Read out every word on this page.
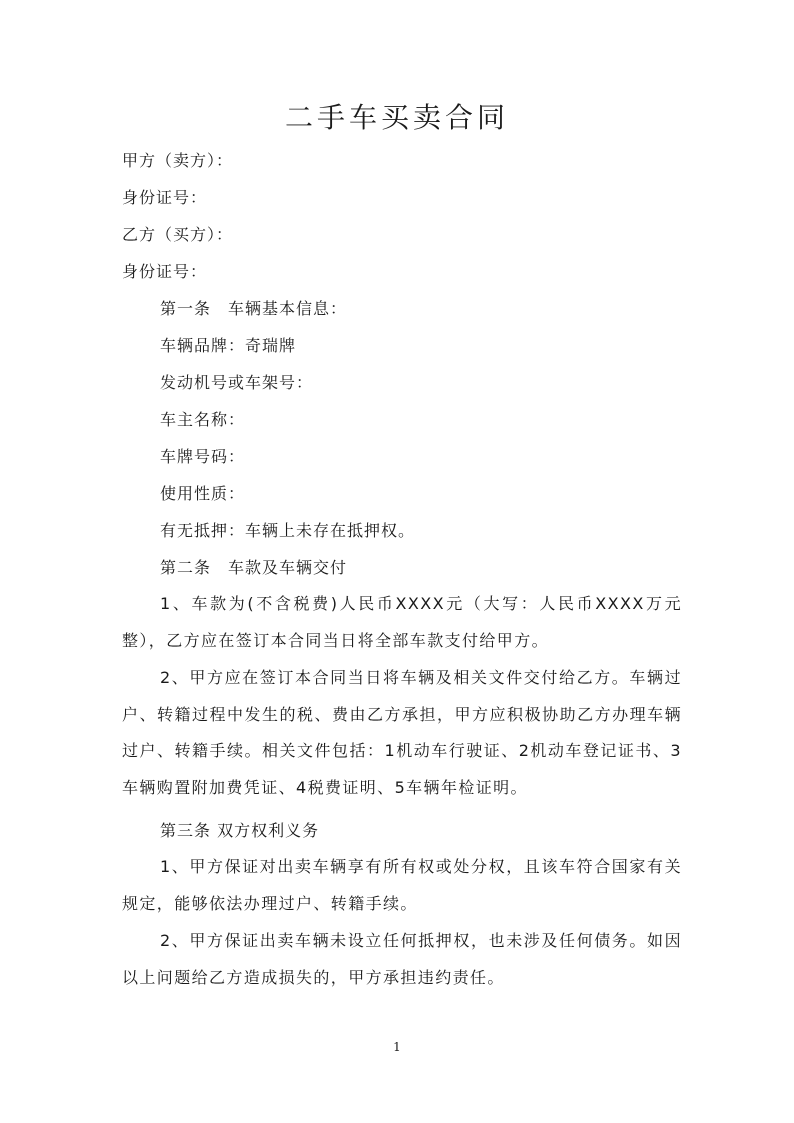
二手车买卖合同
甲方（卖方）：
身份证号：
乙方（买方）：
身份证号：
第一条　车辆基本信息：
车辆品牌：奇瑞牌
发动机号或车架号：
车主名称：
车牌号码：
使用性质：
有无抵押：车辆上未存在抵押权。
第二条　车款及车辆交付
1、车款为(不含税费)人民币XXXX元（大写：人民币XXXX万元整），乙方应在签订本合同当日将全部车款支付给甲方。
2、甲方应在签订本合同当日将车辆及相关文件交付给乙方。车辆过户、转籍过程中发生的税、费由乙方承担，甲方应积极协助乙方办理车辆过户、转籍手续。相关文件包括：1机动车行驶证、2机动车登记证书、3车辆购置附加费凭证、4税费证明、5车辆年检证明。
第三条 双方权利义务
1、甲方保证对出卖车辆享有所有权或处分权，且该车符合国家有关规定，能够依法办理过户、转籍手续。
2、甲方保证出卖车辆未设立任何抵押权，也未涉及任何债务。如因以上问题给乙方造成损失的，甲方承担违约责任。
1
